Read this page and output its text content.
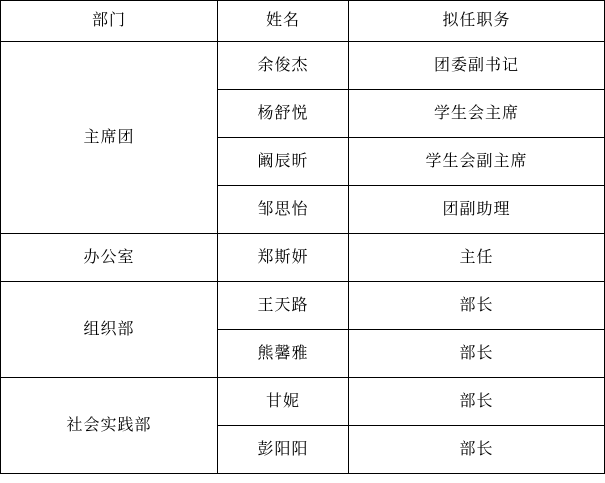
部门	姓名	拟任职务
主席团	余俊杰	团委副书记
	杨舒悦	学生会主席
	阚辰昕	学生会副主席
	邹思怡	团副助理
办公室	郑斯妍	主任
组织部	王天路	部长
	熊馨雅	部长
社会实践部	甘妮	部长
	彭阳阳	部长
